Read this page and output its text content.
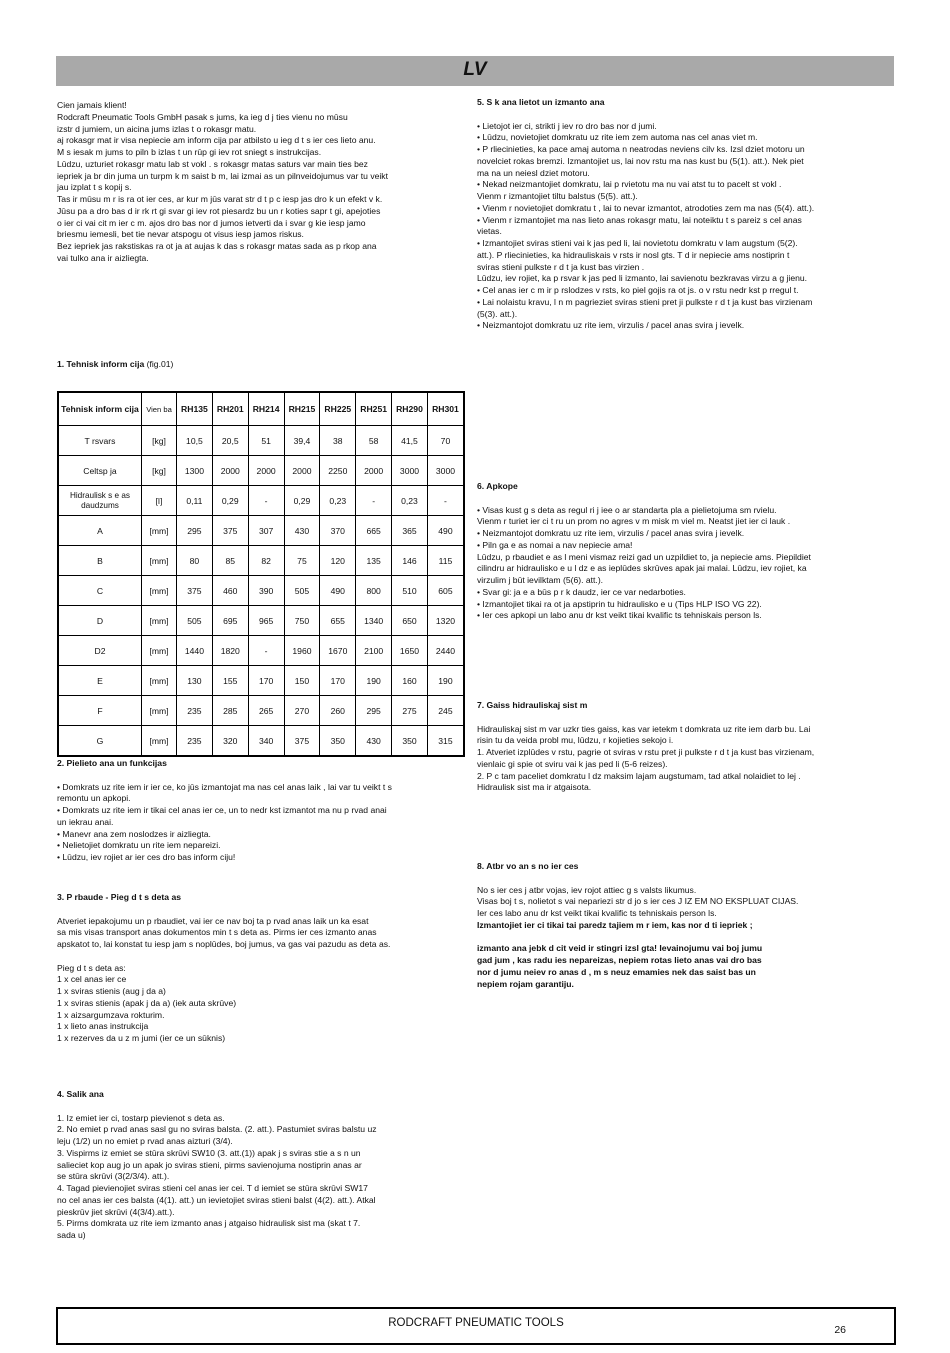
LV

Cien jamais klient!

Rodcraft Pneumatic Tools GmbH pasak s jums, ka ieg d j ties vienu no mūsu

izstr d jumiem, un aicina jums izlas t o rokasgr matu.

aj rokasgr mat ir visa nepiecie am inform cija par atbilsto u ieg d t s ier ces lieto anu.

M s iesak m jums to piln b izlas t un rūp gi iev rot sniegt s instrukcijas.

Lūdzu, uzturiet rokasgr matu lab st vokl . s rokasgr matas saturs var main ties bez

iepriek ja br din juma un turpm k m saist b m, lai izmai as un pilnveidojumus var tu veikt

jau izplat t s kopij s.

Tas ir mūsu m r is ra ot ier ces, ar kur m jūs varat str d t p c iesp jas dro k un efekt v k.

Jūsu pa a dro bas d ir rk rt gi svar gi iev rot piesardz bu un r koties sapr t gi, apejoties

o ier ci vai cit m ier c m. ajos dro bas nor d jumos ietverti da i svar g kie iesp jamo

briesmu iemesli, bet tie nevar atspogu ot visus iesp jamos riskus.

Bez iepriek jas rakstiskas ra ot ja at aujas k das s rokasgr matas sada as p rkop ana

vai tulko ana ir aizliegta.

5. S k ana lietot un izmanto ana

• Lietojot ier ci, strikti j iev ro dro bas nor d jumi.

• Lūdzu, novietojiet domkratu uz rite iem zem automa nas cel anas viet m.

• P rliecinieties, ka pace amaj automa n neatrodas neviens cilv ks. Izsl dziet motoru un

novelciet rokas bremzi. Izmantojiet us, lai nov rstu ma nas kust bu (5(1). att.). Nek piet

ma na un neiesl dziet motoru.

• Nekad neizmantojiet domkratu, lai p rvietotu ma nu vai atst tu to pacelt st vokl .

Vienm r izmantojiet tiltu balstus (5(5). att.).

• Vienm r novietojiet domkratu t , lai to nevar izmantot, atrodoties zem ma nas (5(4). att.).

• Vienm r izmantojiet ma nas lieto anas rokasgr matu, lai noteiktu t s pareiz s cel anas

vietas.

• Izmantojiet sviras stieni vai k jas ped li, lai novietotu domkratu v lam augstum (5(2).

att.). P rliecinieties, ka hidrauliskais v rsts ir nosl gts. T d ir nepiecie ams nostiprin t

sviras stieni pulkste r d t ja kust bas virzien .

Lūdzu, iev rojiet, ka p rsvar k jas ped li izmanto, lai savienotu bezkravas virzu a g jienu.

• Cel anas ier c m ir p rslodzes v rsts, ko piel gojis ra ot js. o v rstu nedr kst p rregul t.

• Lai nolaistu kravu, l n m pagrieziet sviras stieni pret ji pulkste r d t ja kust bas virzienam

(5(3). att.).

• Neizmantojot domkratu uz rite iem, virzulis / pacel anas svira j ievelk.

1. Tehnisk inform cija (fig.01)
Tehnisk inform cija	Vien ba	RH135	RH201	RH214	RH215	RH225	RH251	RH290	RH301
T rsvars	[kg]	10,5	20,5	51	39,4	38	58	41,5	70
Celtsp ja	[kg]	1300	2000	2000	2000	2250	2000	3000	3000
Hidraulisk s e as daudzums	[l]	0,11	0,29	-	0,29	0,23	-	0,23	-
A	[mm]	295	375	307	430	370	665	365	490
B	[mm]	80	85	82	75	120	135	146	115
C	[mm]	375	460	390	505	490	800	510	605
D	[mm]	505	695	965	750	655	1340	650	1320
D2	[mm]	1440	1820	-	1960	1670	2100	1650	2440
E	[mm]	130	155	170	150	170	190	160	190
F	[mm]	235	285	265	270	260	295	275	245
G	[mm]	235	320	340	375	350	430	350	315

2. Pielieto ana un funkcijas

• Domkrats uz rite iem ir ier ce, ko jūs izmantojat ma nas cel anas laik , lai var tu veikt t s

remontu un apkopi.

• Domkrats uz rite iem ir tikai cel anas ier ce, un to nedr kst izmantot ma nu p rvad anai

un iekrau anai.

• Manevr ana zem noslodzes ir aizliegta.

• Nelietojiet domkratu un rite iem nepareizi.

• Lūdzu, iev rojiet ar ier ces dro bas inform ciju!

3. P rbaude - Pieg d t s deta as

Atveriet iepakojumu un p rbaudiet, vai ier ce nav boj ta p rvad anas laik un ka esat

sa mis visas transport anas dokumentos min t s deta as. Pirms ier ces izmanto anas

apskatot to, lai konstat tu iesp jam s noplūdes, boj jumus, va gas vai pazudu as deta as.

Pieg d t s deta as:

1 x cel anas ier ce

1 x sviras stienis (aug j da a)

1 x sviras stienis (apak j da a) (iek auta skrūve)

1 x aizsargumzava rokturim.

1 x lieto anas instrukcija

1 x rezerves da u z m jumi (ier ce un sūknis)

4. Salik ana

1. Iz emiet ier ci, tostarp pievienot s deta as.

2. No emiet p rvad anas sasl gu no sviras balsta. (2. att.). Pastumiet sviras balstu uz

leju (1/2) un no emiet p rvad anas aizturi (3/4).

3. Vispirms iz emiet se stūra skrūvi SW10 (3. att.(1)) apak j s sviras stie a s n un

salieciet kop aug jo un apak jo sviras stieni, pirms savienojuma nostiprin anas ar

se stūra skrūvi (3(2/3/4). att.).

4. Tagad pievienojiet sviras stieni cel anas ier cei. T d iemiet se stūra skrūvi SW17

no cel anas ier ces balsta (4(1). att.) un ievietojiet sviras stieni balst (4(2). att.). Atkal

pieskrūv jiet skrūvi (4(3/4).att.).

5. Pirms domkrata uz rite iem izmanto anas j atgaiso hidraulisk sist ma (skat t 7.

sada u)

6. Apkope

• Visas kust g s deta as regul ri j iee o ar standarta pla a pielietojuma sm rvielu.

Vienm r turiet ier ci t ru un prom no agres v m misk m viel m. Neatst jiet ier ci lauk .

• Neizmantojot domkratu uz rite iem, virzulis / pacel anas svira j ievelk.

• Piln ga e as nomai a nav nepiecie ama!

Lūdzu, p rbaudiet e as l meni vismaz reizi gad un uzpildiet to, ja nepiecie ams. Piepildiet

cilindru ar hidraulisko e u l dz e as ieplūdes skrūves apak jai malai. Lūdzu, iev rojiet, ka

virzulim j būt ievilktam (5(6). att.).

• Svar gi: ja e a būs p r k daudz, ier ce var nedarboties.

• Izmantojiet tikai ra ot ja apstiprin tu hidraulisko e u (Tips HLP ISO VG 22).

• Ier ces apkopi un labo anu dr kst veikt tikai kvalific ts tehniskais person ls.

7. Gaiss hidrauliskaj sist m

Hidrauliskaj sist m var uzkr ties gaiss, kas var ietekm t domkrata uz rite iem darb bu. Lai

risin tu da veida probl mu, lūdzu, r kojieties sekojo i.

1. Atveriet izplūdes v rstu, pagrie ot sviras v rstu pret ji pulkste r d t ja kust bas virzienam,

vienlaic gi spie ot sviru vai k jas ped li (5-6 reizes).

2. P c tam paceliet domkratu l dz maksim lajam augstumam, tad atkal nolaidiet to lej .

Hidraulisk sist ma ir atgaisota.

8. Atbr vo an s no ier ces

No s ier ces j atbr vojas, iev rojot attiec g s valsts likumus.

Visas boj t s, nolietot s vai nepariezi str d jo s ier ces J IZ EM NO EKSPLUAT CIJAS.

Ier ces labo anu dr kst veikt tikai kvalific ts tehniskais person ls.

Izmantojiet ier ci tikai tai paredz tajiem m r iem, kas nor d ti iepriek ;

izmanto ana jebk d cit veid ir stingri izsl gta! Ievainojumu vai boj jumu

gad jum , kas radu ies nepareizas, nepiem rotas lieto anas vai dro bas

nor d jumu neiev ro anas d , m s neuz emamies nek das saist bas un

nepiem rojam garantiju.

RODCRAFT PNEUMATIC TOOLS
26
